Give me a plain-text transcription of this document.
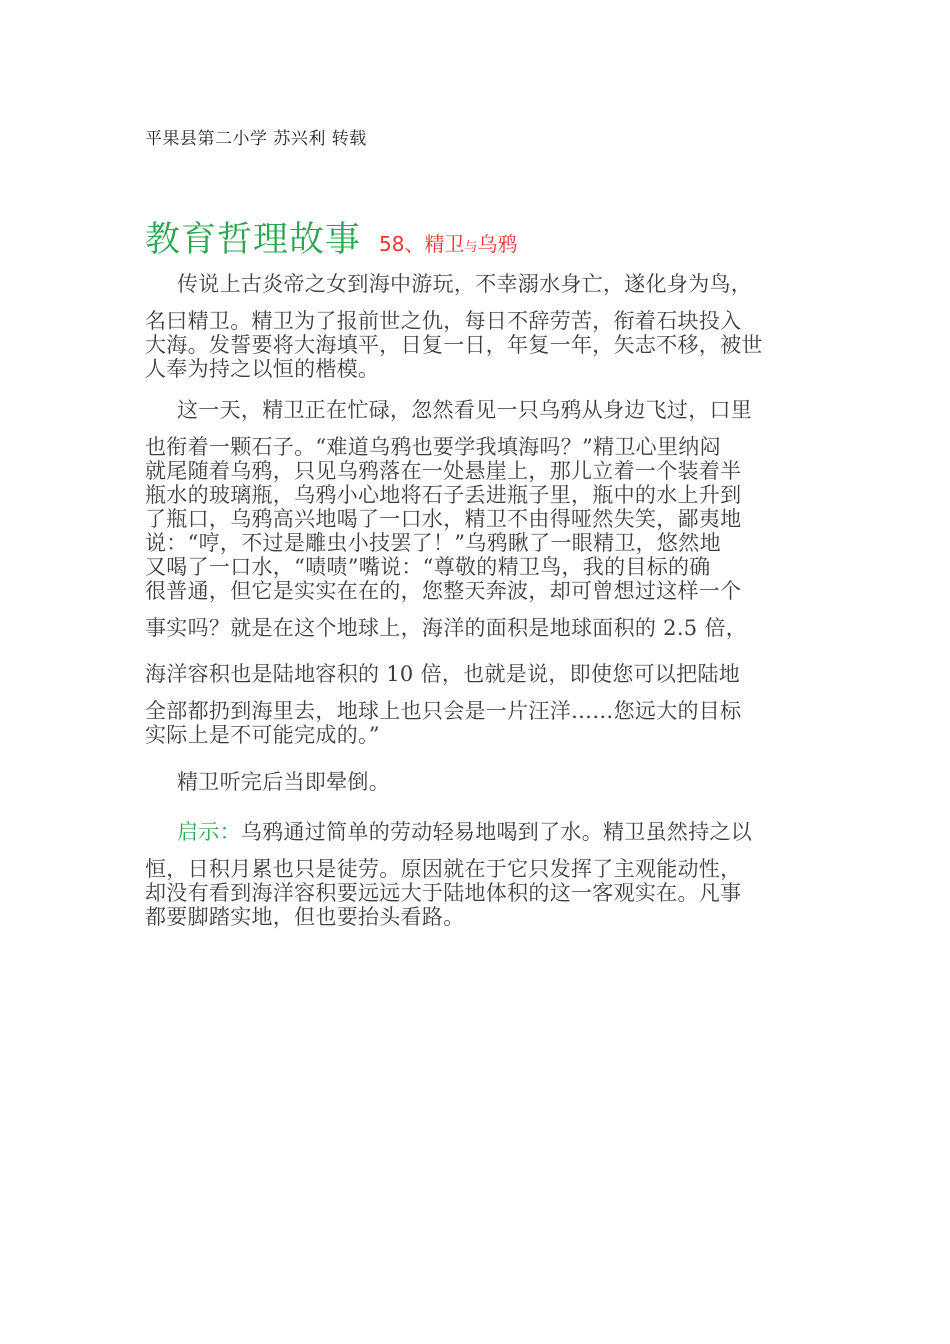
平果县第二小学 苏兴利 转载
教育哲理故事 58、精卫与乌鸦
传说上古炎帝之女到海中游玩，不幸溺水身亡，遂化身为鸟，
名曰精卫。精卫为了报前世之仇，每日不辞劳苦，衔着石块投入
大海。发誓要将大海填平，日复一日，年复一年，矢志不移，被世
人奉为持之以恒的楷模。
这一天，精卫正在忙碌，忽然看见一只乌鸦从身边飞过，口里
也衔着一颗石子。“难道乌鸦也要学我填海吗？”精卫心里纳闷
就尾随着乌鸦，只见乌鸦落在一处悬崖上，那儿立着一个装着半
瓶水的玻璃瓶，乌鸦小心地将石子丢进瓶子里，瓶中的水上升到
了瓶口，乌鸦高兴地喝了一口水，精卫不由得哑然失笑，鄙夷地
说：“哼，不过是雕虫小技罢了！”乌鸦瞅了一眼精卫，悠然地
又喝了一口水，“啧啧”嘴说：“尊敬的精卫鸟，我的目标的确
很普通，但它是实实在在的，您整天奔波，却可曾想过这样一个
事实吗？就是在这个地球上，海洋的面积是地球面积的 2.5 倍，
海洋容积也是陆地容积的 10 倍，也就是说，即使您可以把陆地
全部都扔到海里去，地球上也只会是一片汪洋……您远大的目标
实际上是不可能完成的。”
精卫听完后当即晕倒。
启示：乌鸦通过简单的劳动轻易地喝到了水。精卫虽然持之以
恒，日积月累也只是徒劳。原因就在于它只发挥了主观能动性，
却没有看到海洋容积要远远大于陆地体积的这一客观实在。凡事
都要脚踏实地，但也要抬头看路。
